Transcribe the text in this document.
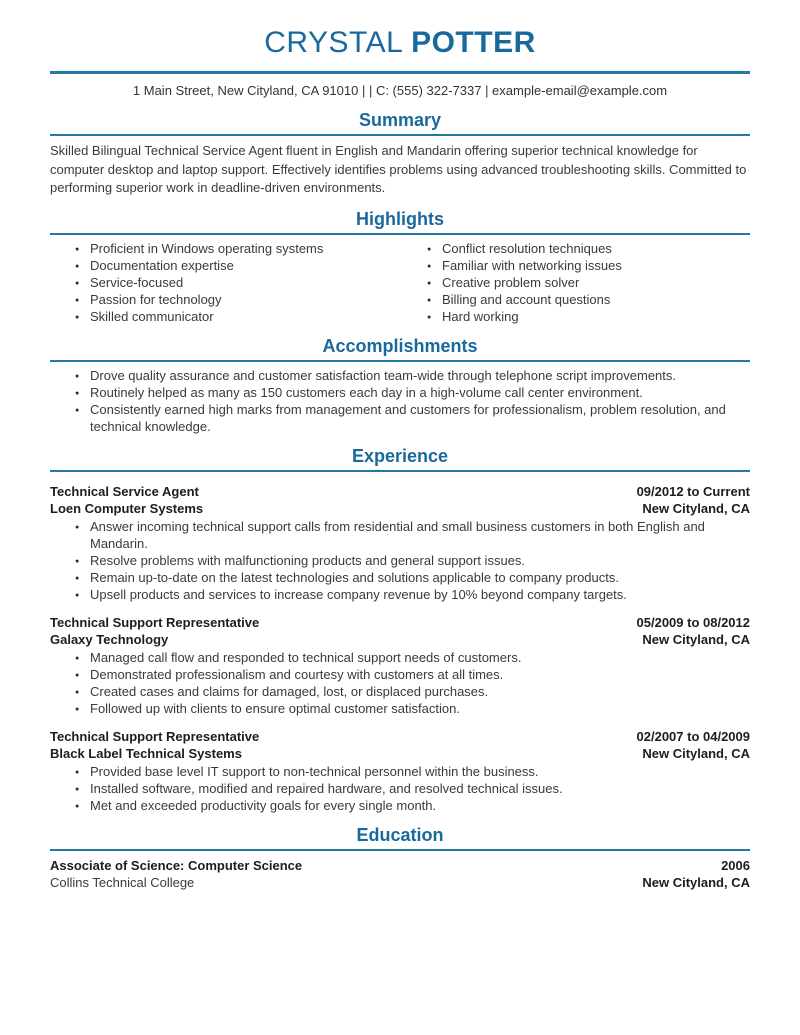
CRYSTAL POTTER
1 Main Street, New Cityland, CA 91010 | | C: (555) 322-7337 | example-email@example.com
Summary

Skilled Bilingual Technical Service Agent fluent in English and Mandarin offering superior technical knowledge for computer desktop and laptop support. Effectively identifies problems using advanced troubleshooting skills. Committed to performing superior work in deadline-driven environments.

Highlights
● Proficient in Windows operating systems
● Documentation expertise
● Service-focused
● Passion for technology
● Skilled communicator
● Conflict resolution techniques
● Familiar with networking issues
● Creative problem solver
● Billing and account questions
● Hard working
Accomplishments
● Drove quality assurance and customer satisfaction team-wide through telephone script improvements.
● Routinely helped as many as 150 customers each day in a high-volume call center environment.
● Consistently earned high marks from management and customers for professionalism, problem resolution, and technical knowledge.
Experience
Technical Service Agent	09/2012 to Current
Loen Computer Systems	New Cityland, CA
● Answer incoming technical support calls from residential and small business customers in both English and Mandarin.
● Resolve problems with malfunctioning products and general support issues.
● Remain up-to-date on the latest technologies and solutions applicable to company products.
● Upsell products and services to increase company revenue by 10% beyond company targets.
Technical Support Representative	05/2009 to 08/2012
Galaxy Technology	New Cityland, CA
● Managed call flow and responded to technical support needs of customers.
● Demonstrated professionalism and courtesy with customers at all times.
● Created cases and claims for damaged, lost, or displaced purchases.
● Followed up with clients to ensure optimal customer satisfaction.
Technical Support Representative	02/2007 to 04/2009
Black Label Technical Systems	New Cityland, CA
● Provided base level IT support to non-technical personnel within the business.
● Installed software, modified and repaired hardware, and resolved technical issues.
● Met and exceeded productivity goals for every single month.
Education
Associate of Science: Computer Science	2006
Collins Technical College	New Cityland, CA
